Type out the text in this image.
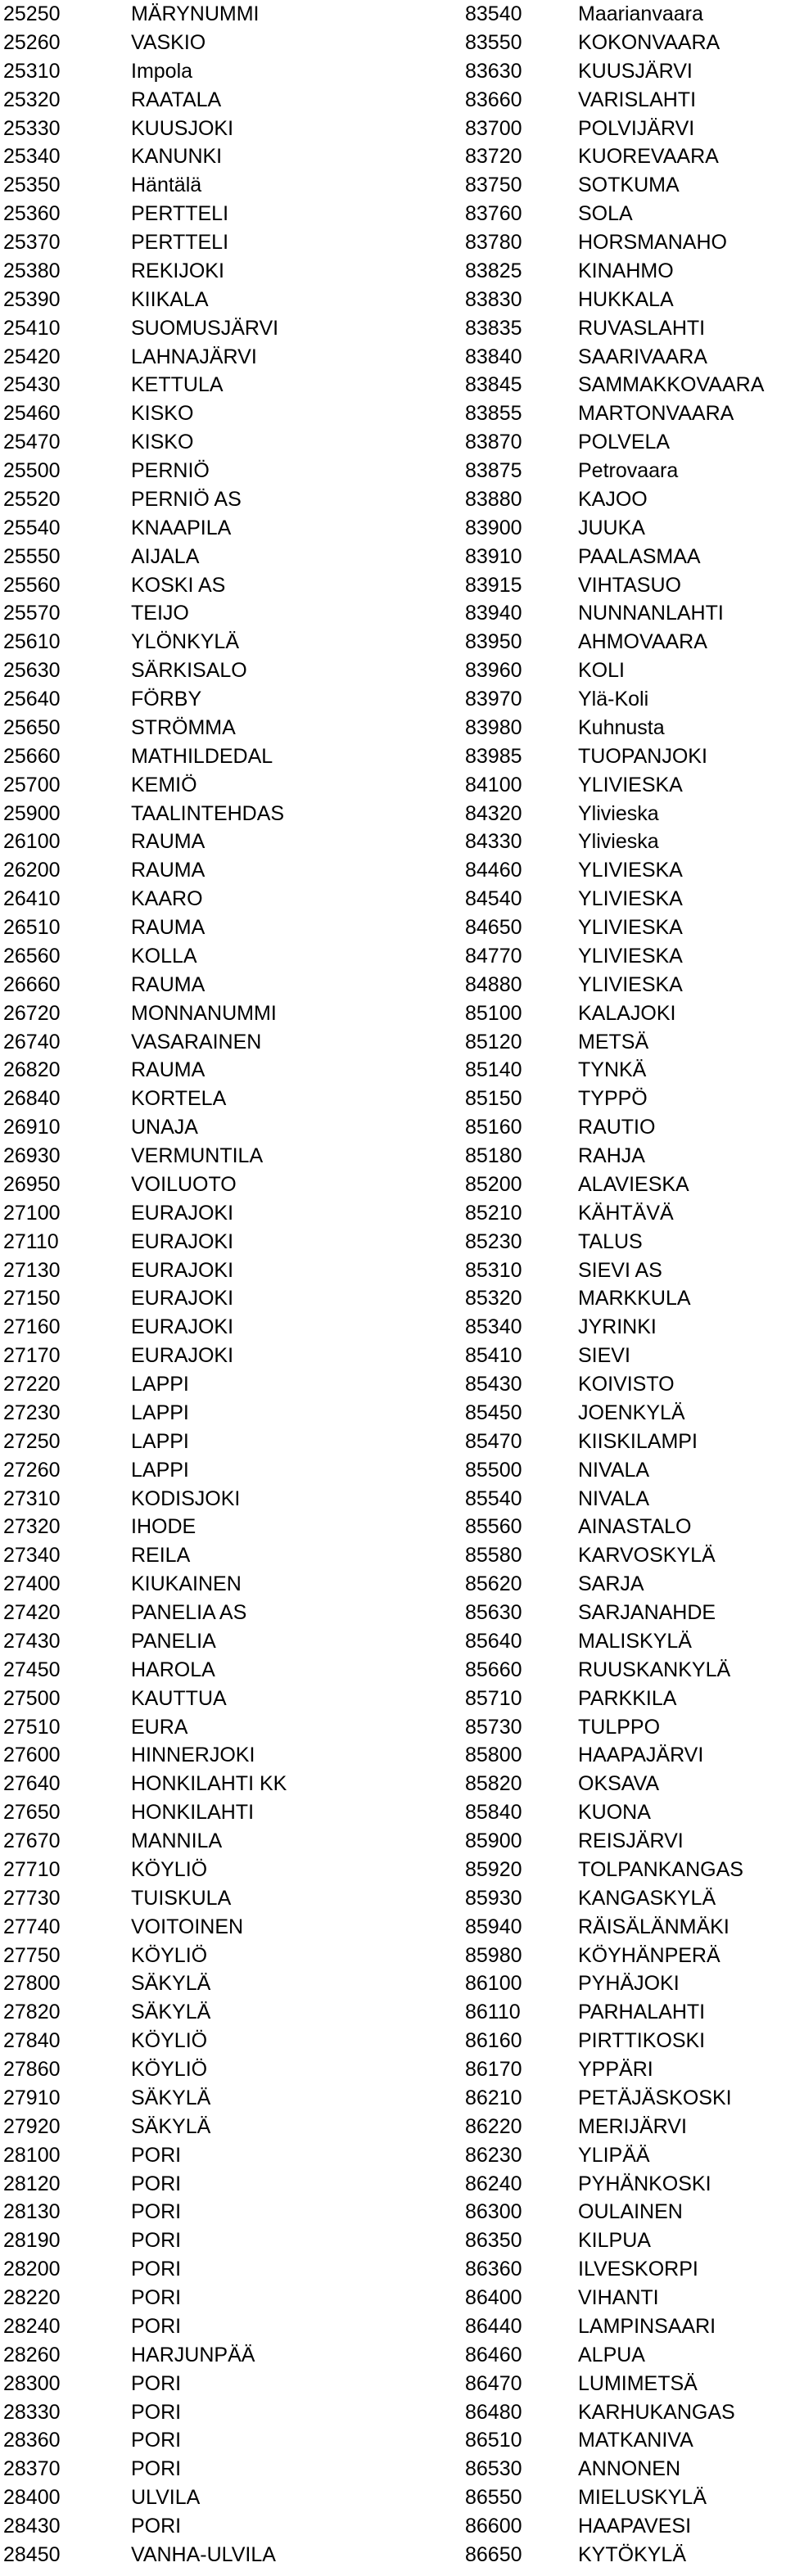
25250	MÄRYNUMMI	83540	Maarianvaara
25260	VASKIO	83550	KOKONVAARA
25310	Impola	83630	KUUSJÄRVI
25320	RAATALA	83660	VARISLAHTI
25330	KUUSJOKI	83700	POLVIJÄRVI
25340	KANUNKI	83720	KUOREVAARA
25350	Häntälä	83750	SOTKUMA
25360	PERTTELI	83760	SOLA
25370	PERTTELI	83780	HORSMANAHO
25380	REKIJOKI	83825	KINAHMO
25390	KIIKALA	83830	HUKKALA
25410	SUOMUSJÄRVI	83835	RUVASLAHTI
25420	LAHNAJÄRVI	83840	SAARIVAARA
25430	KETTULA	83845	SAMMAKKOVAARA
25460	KISKO	83855	MARTONVAARA
25470	KISKO	83870	POLVELA
25500	PERNIÖ	83875	Petrovaara
25520	PERNIÖ AS	83880	KAJOO
25540	KNAAPILA	83900	JUUKA
25550	AIJALA	83910	PAALASMAA
25560	KOSKI AS	83915	VIHTASUO
25570	TEIJO	83940	NUNNANLAHTI
25610	YLÖNKYLÄ	83950	AHMOVAARA
25630	SÄRKISALO	83960	KOLI
25640	FÖRBY	83970	Ylä-Koli
25650	STRÖMMA	83980	Kuhnusta
25660	MATHILDEDAL	83985	TUOPANJOKI
25700	KEMIÖ	84100	YLIVIESKA
25900	TAALINTEHDAS	84320	Ylivieska
26100	RAUMA	84330	Ylivieska
26200	RAUMA	84460	YLIVIESKA
26410	KAARO	84540	YLIVIESKA
26510	RAUMA	84650	YLIVIESKA
26560	KOLLA	84770	YLIVIESKA
26660	RAUMA	84880	YLIVIESKA
26720	MONNANUMMI	85100	KALAJOKI
26740	VASARAINEN	85120	METSÄ
26820	RAUMA	85140	TYNKÄ
26840	KORTELA	85150	TYPPÖ
26910	UNAJA	85160	RAUTIO
26930	VERMUNTILA	85180	RAHJA
26950	VOILUOTO	85200	ALAVIESKA
27100	EURAJOKI	85210	KÄHTÄVÄ
27110	EURAJOKI	85230	TALUS
27130	EURAJOKI	85310	SIEVI AS
27150	EURAJOKI	85320	MARKKULA
27160	EURAJOKI	85340	JYRINKI
27170	EURAJOKI	85410	SIEVI
27220	LAPPI	85430	KOIVISTO
27230	LAPPI	85450	JOENKYLÄ
27250	LAPPI	85470	KIISKILAMPI
27260	LAPPI	85500	NIVALA
27310	KODISJOKI	85540	NIVALA
27320	IHODE	85560	AINASTALO
27340	REILA	85580	KARVOSKYLÄ
27400	KIUKAINEN	85620	SARJA
27420	PANELIA AS	85630	SARJANAHDE
27430	PANELIA	85640	MALISKYLÄ
27450	HAROLA	85660	RUUSKANKYLÄ
27500	KAUTTUA	85710	PARKKILA
27510	EURA	85730	TULPPO
27600	HINNERJOKI	85800	HAAPAJÄRVI
27640	HONKILAHTI KK	85820	OKSAVA
27650	HONKILAHTI	85840	KUONA
27670	MANNILA	85900	REISJÄRVI
27710	KÖYLIÖ	85920	TOLPANKANGAS
27730	TUISKULA	85930	KANGASKYLÄ
27740	VOITOINEN	85940	RÄISÄLÄNMÄKI
27750	KÖYLIÖ	85980	KÖYHÄNPERÄ
27800	SÄKYLÄ	86100	PYHÄJOKI
27820	SÄKYLÄ	86110	PARHALAHTI
27840	KÖYLIÖ	86160	PIRTTIKOSKI
27860	KÖYLIÖ	86170	YPPÄRI
27910	SÄKYLÄ	86210	PETÄJÄSKOSKI
27920	SÄKYLÄ	86220	MERIJÄRVI
28100	PORI	86230	YLIPÄÄ
28120	PORI	86240	PYHÄNKOSKI
28130	PORI	86300	OULAINEN
28190	PORI	86350	KILPUA
28200	PORI	86360	ILVESKORPI
28220	PORI	86400	VIHANTI
28240	PORI	86440	LAMPINSAARI
28260	HARJUNPÄÄ	86460	ALPUA
28300	PORI	86470	LUMIMETSÄ
28330	PORI	86480	KARHUKANGAS
28360	PORI	86510	MATKANIVA
28370	PORI	86530	ANNONEN
28400	ULVILA	86550	MIELUSKYLÄ
28430	PORI	86600	HAAPAVESI
28450	VANHA-ULVILA	86650	KYTÖKYLÄ
